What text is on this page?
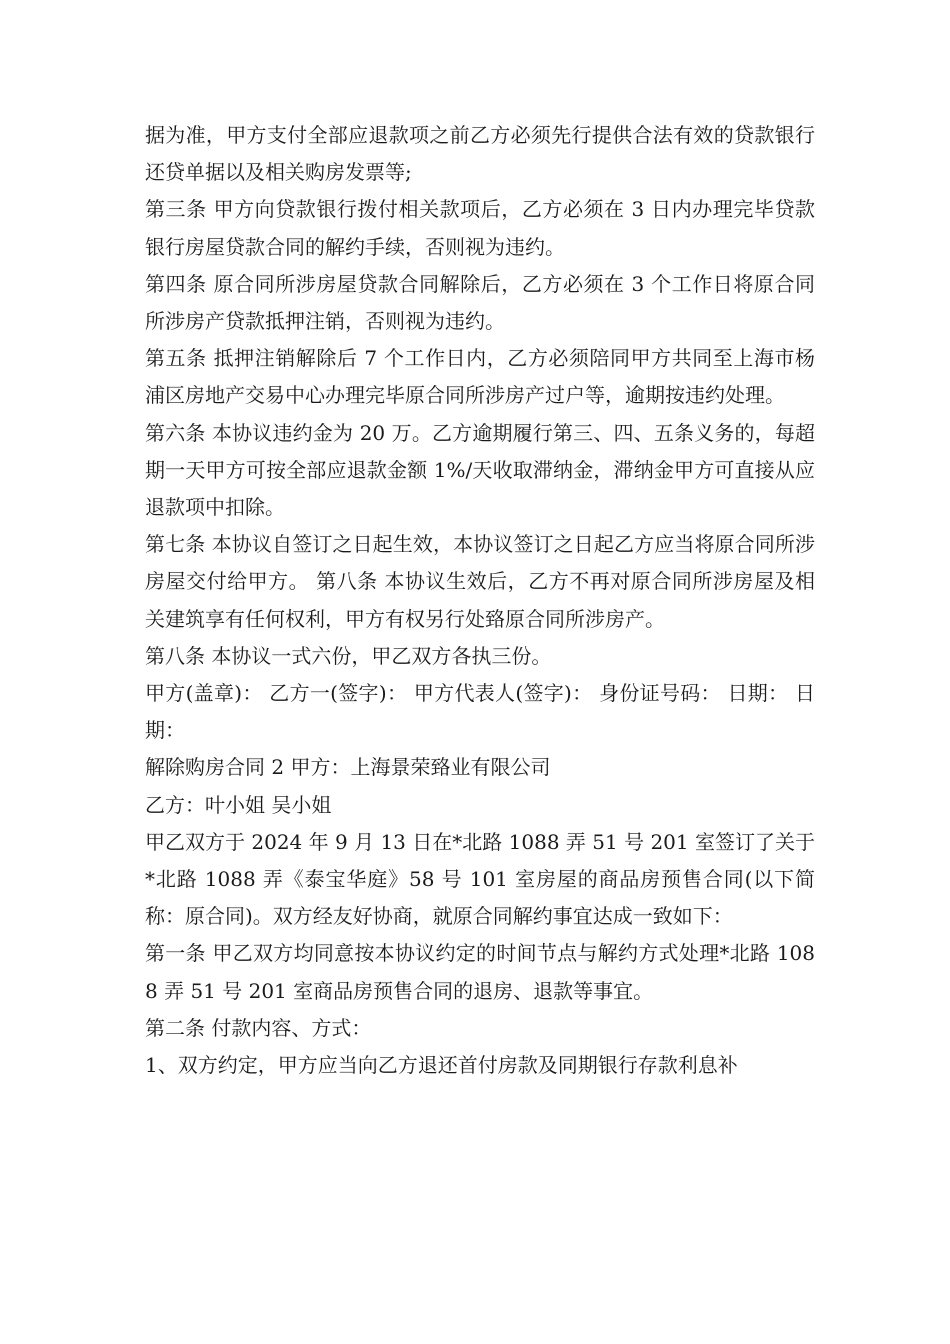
据为准，甲方支付全部应退款项之前乙方必须先行提供合法有效的贷款银行还贷单据以及相关购房发票等;

第三条 甲方向贷款银行拨付相关款项后，乙方必须在 3 日内办理完毕贷款银行房屋贷款合同的解约手续，否则视为违约。

第四条 原合同所涉房屋贷款合同解除后，乙方必须在 3 个工作日将原合同所涉房产贷款抵押注销，否则视为违约。

第五条 抵押注销解除后 7 个工作日内，乙方必须陪同甲方共同至上海市杨浦区房地产交易中心办理完毕原合同所涉房产过户等，逾期按违约处理。

第六条 本协议违约金为 20 万。乙方逾期履行第三、四、五条义务的，每超期一天甲方可按全部应退款金额 1%/天收取滞纳金，滞纳金甲方可直接从应退款项中扣除。

第七条 本协议自签订之日起生效，本协议签订之日起乙方应当将原合同所涉房屋交付给甲方。 第八条 本协议生效后，乙方不再对原合同所涉房屋及相关建筑享有任何权利，甲方有权另行处臵原合同所涉房产。

第八条 本协议一式六份，甲乙双方各执三份。

甲方(盖章)： 乙方一(签字)： 甲方代表人(签字)： 身份证号码： 日期： 日期：

解除购房合同 2 甲方：上海景荣臵业有限公司

乙方：叶小姐 吴小姐

甲乙双方于 2024 年 9 月 13 日在*北路 1088 弄 51 号 201 室签订了关于*北路 1088 弄《泰宝华庭》58 号 101 室房屋的商品房预售合同(以下简称：原合同)。双方经友好协商，就原合同解约事宜达成一致如下：

第一条 甲乙双方均同意按本协议约定的时间节点与解约方式处理*北路 1088 弄 51 号 201 室商品房预售合同的退房、退款等事宜。

第二条 付款内容、方式：

1、双方约定，甲方应当向乙方退还首付房款及同期银行存款利息补
